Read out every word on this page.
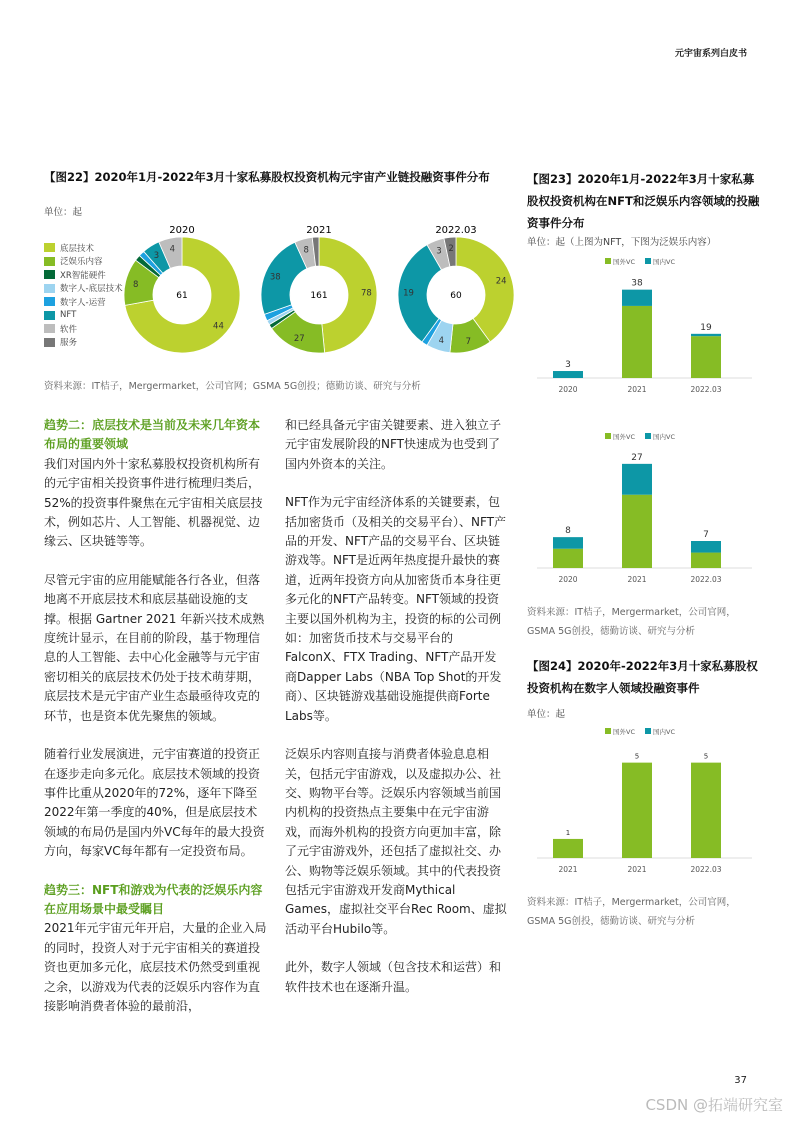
元宇宙系列白皮书
【图22】2020年1月-2022年3月十家私募股权投资机构元宇宙产业链投融资事件分布
单位：起
底层技术
泛娱乐内容
XR智能硬件
数字人-底层技术
数字人-运营
NFT
软件
服务
2020
44
8
3
4
61
2021
78
27
38
8
161
2022.03
24
7
4
19
3 2
60
资料来源：IT桔子，Mergermarket，公司官网；GSMA 5G创投；德勤访谈、研究与分析
趋势二：底层技术是当前及未来几年资本布局的重要领域

我们对国内外十家私募股权投资机构所有的元宇宙相关投资事件进行梳理归类后，52%的投资事件聚焦在元宇宙相关底层技术，例如芯片、人工智能、机器视觉、边缘云、区块链等等。

尽管元宇宙的应用能赋能各行各业，但落地离不开底层技术和底层基础设施的支撑。根据 Gartner 2021 年新兴技术成熟度统计显示，在目前的阶段，基于物理信息的人工智能、去中心化金融等与元宇宙密切相关的底层技术仍处于技术萌芽期，底层技术是元宇宙产业生态最亟待攻克的环节，也是资本优先聚焦的领域。

随着行业发展演进，元宇宙赛道的投资正在逐步走向多元化。底层技术领域的投资事件比重从2020年的72%，逐年下降至2022年第一季度的40%，但是底层技术领域的布局仍是国内外VC每年的最大投资方向，每家VC每年都有一定投资布局。

趋势三：NFT和游戏为代表的泛娱乐内容在应用场景中最受瞩目

2021年元宇宙元年开启，大量的企业入局的同时，投资人对于元宇宙相关的赛道投资也更加多元化，底层技术仍然受到重视之余，以游戏为代表的泛娱乐内容作为直接影响消费者体验的最前沿，

和已经具备元宇宙关键要素、进入独立子元宇宙发展阶段的NFT快速成为也受到了国内外资本的关注。

NFT作为元宇宙经济体系的关键要素，包括加密货币（及相关的交易平台）、NFT产品的开发、NFT产品的交易平台、区块链游戏等。NFT是近两年热度提升最快的赛道，近两年投资方向从加密货币本身往更多元化的NFT产品转变。NFT领域的投资主要以国外机构为主，投资的标的公司例如：加密货币技术与交易平台的FalconX、FTX Trading、NFT产品开发商Dapper Labs（NBA Top Shot的开发商）、区块链游戏基础设施提供商Forte Labs等。

泛娱乐内容则直接与消费者体验息息相关，包括元宇宙游戏，以及虚拟办公、社交、购物平台等。泛娱乐内容领域当前国内机构的投资热点主要集中在元宇宙游戏，而海外机构的投资方向更加丰富，除了元宇宙游戏外，还包括了虚拟社交、办公、购物等泛娱乐领域。其中的代表投资包括元宇宙游戏开发商Mythical Games，虚拟社交平台Rec Room、虚拟活动平台Hubilo等。

此外，数字人领域（包含技术和运营）和软件技术也在逐渐升温。

【图23】2020年1月-2022年3月十家私募股权投资机构在NFT和泛娱乐内容领域的投融资事件分布
单位：起（上图为NFT，下图为泛娱乐内容）
国外VC	国内VC
3
2020
38
2021
19
2022.03
国外VC	国内VC
8
2020
27
2021
7
2022.03
资料来源：IT桔子，Mergermarket，公司官网，GSMA 5G创投，德勤访谈、研究与分析
【图24】2020年-2022年3月十家私募股权投资机构在数字人领域投融资事件
单位：起
国外VC	国内VC
1
2021
5
2021
5
2022.03
资料来源：IT桔子，Mergermarket，公司官网，GSMA 5G创投，德勤访谈、研究与分析
37
CSDN @拓端研究室
